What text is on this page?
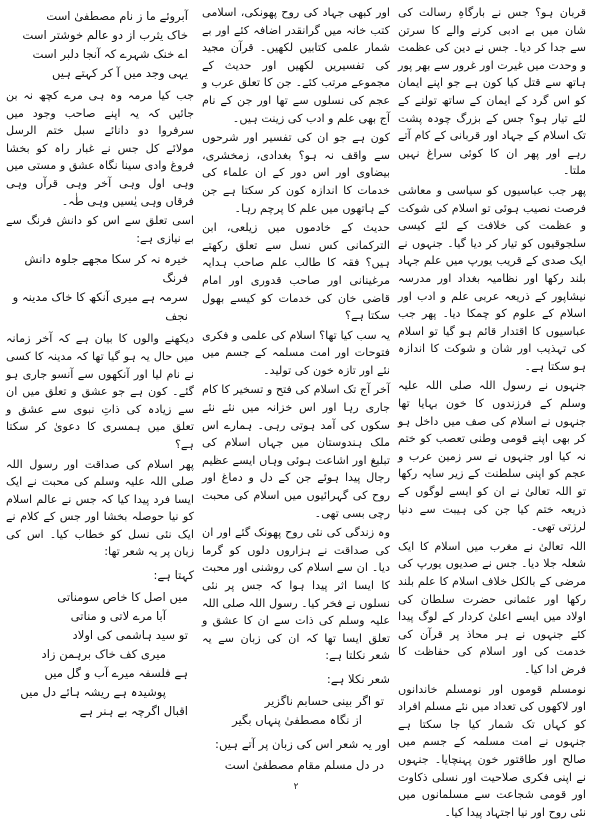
قربان ہو؟ جس نے بارگاہِ رسالت کی شان میں بے ادبی کرنے والے کا سرتن سے جدا کر دیا۔ جس نے دین کی عظمت و وحدت میں غیرت اور غرور سے بھر پور ہاتھ سے قتل کیا کون ہے جو اپنے ایمان کو اس گرد کے ایمان کے ساتھ تولنے کے لئے تیار ہو؟ جس کے بزرگ چودہ پشت تک اسلام کے جہاد اور قربانی کے کام آتے رہے اور پھر ان کا کوئی سراغ نہیں ملتا۔

پھر جب عباسیوں کو سیاسی و معاشی فرصت نصیب ہوئی تو اسلام کی شوکت و عظمت کی خلافت کے لئے کیسی سلجوقیوں کو تیار کر دیا گیا۔ جنہوں نے ایک صدی کے قریب یورپ میں علم جہاد بلند رکھا اور نظامیہ بغداد اور مدرسہ نیشاپور کے ذریعہ عربی علم و ادب اور اسلام کے علوم کو چمکا دیا۔ پھر جب عباسیوں کا اقتدار قائم ہو گیا تو اسلام کی تہذیب اور شان و شوکت کا اندازہ ہو سکتا ہے۔

جنہوں نے رسول اللہ صلی اللہ علیہ وسلم کے فرزندوں کا خون بہایا تھا جنہوں نے اسلام کی صف میں داخل ہو کر بھی اپنے قومی وطنی تعصب کو ختم نہ کیا اور جنہوں نے سر زمین عرب و عجم کو اپنی سلطنت کے زیر سایہ رکھا تو اللہ تعالیٰ نے ان کو ایسے لوگوں کے ذریعہ ختم کیا جن کی ہیبت سے دنیا لرزتی تھی۔

اللہ تعالیٰ نے مغرب میں اسلام کا ایک شعلہ جلا دیا۔ جس نے صدیوں یورپ کی مرضی کے بالکل خلاف اسلام کا علم بلند رکھا اور عثمانی حضرت سلطان کی اولاد میں ایسے اعلیٰ کردار کے لوگ پیدا کئے جنہوں نے ہر محاذ پر قرآن کی خدمت کی اور اسلام کی حفاظت کا فرض ادا کیا۔

نومسلم قوموں اور نومسلم خاندانوں اور لاکھوں کی تعداد میں نئے مسلم افراد کو کہاں تک شمار کیا جا سکتا ہے جنہوں نے امت مسلمہ کے جسم میں صالح اور طاقتور خون پہنچایا۔ جنہوں نے اپنی فکری صلاحیت اور نسلی ذکاوت اور قومی شجاعت سے مسلمانوں میں نئی روح اور نیا اجتہاد پیدا کیا۔

اور کبھی جہاد کی روح پھونکی، اسلامی کتب خانہ میں گرانقدر اضافہ کئے اور بے شمار علمی کتابیں لکھیں۔ قرآن مجید کی تفسیریں لکھیں اور حدیث کے مجموعے مرتب کئے۔ جن کا تعلق عرب و عجم کی نسلوں سے تھا اور جن کے نام آج بھی علم و ادب کی زینت ہیں۔

کون ہے جو ان کی تفسیر اور شرحوں سے واقف نہ ہو؟ بغدادی، زمخشری، بیضاوی اور اس دور کے ان علماء کی خدمات کا اندازہ کون کر سکتا ہے جن کے ہاتھوں میں علم کا پرچم رہا۔

حدیث کے خادموں میں زیلعی، ابن الترکمانی کس نسل سے تعلق رکھتے ہیں؟ فقہ کا طالب علم صاحب ہدایہ مرغینانی اور صاحب قدوری اور امام قاضی خان کی خدمات کو کیسے بھول سکتا ہے؟

یہ سب کیا تھا؟ اسلام کی علمی و فکری فتوحات اور امت مسلمہ کے جسم میں نئے اور تازہ خون کی تولید۔

آخر آج تک اسلام کی فتح و تسخیر کا کام جاری رہا اور اس خزانہ میں نئے نئے سکوں کی آمد ہوتی رہی۔ ہمارے اس ملک ہندوستان میں جہاں اسلام کی تبلیغ اور اشاعت ہوئی وہاں ایسے عظیم رجال پیدا ہوئے جن کے دل و دماغ اور روح کی گہرائیوں میں اسلام کی محبت رچی بسی تھی۔

وہ زندگی کی نئی روح پھونک گئے اور ان کی صداقت نے ہزاروں دلوں کو گرما دیا۔ ان سے اسلام کی روشنی اور محبت کا ایسا اثر پیدا ہوا کہ جس پر نئی نسلوں نے فخر کیا۔ رسول اللہ صلی اللہ علیہ وسلم کی ذات سے ان کا عشق و تعلق ایسا تھا کہ ان کی زبان سے یہ شعر نکلتا ہے:

شعر نکلا ہے:
تو اگر بینی حسابم ناگزیر
از نگاہ مصطفیٰ پنہاں بگیر
اور یہ شعر اس کی زبان پر آتے ہیں:
در دل مسلم مقام مصطفیٰ است
۲
آبروئے ما ز نام مصطفیٰ است
خاک یثرب از دو عالم خوشتر است
اے خنک شہرے کہ آنجا دلبر است
یہی وجد میں آ کر کہتے ہیں

جب کیا مرمہ وہ ہی مرے کچھ نہ بن جائیں کہ یہ اپنے صاحب وجود میں سرفروا دو دانائے سبل ختم الرسل مولائے کل جس نے غبار راہ کو بخشا فروغ وادی سینا نگاہ عشق و مستی میں وہی اول وہی آخر وہی قرآں وہی فرقاں وہی یٰسیں وہی طٰہ۔

اسی تعلق سے اس کو دانش فرنگ سے بے نیازی ہے:

خیرہ نہ کر سکا مجھے جلوہ دانش فرنگ
سرمہ ہے میری آنکھ کا خاک مدینہ و نجف

دیکھنے والوں کا بیان ہے کہ آخر زمانہ میں حال یہ ہو گیا تھا کہ مدینہ کا کسی نے نام لیا اور آنکھوں سے آنسو جاری ہو گئے۔ کون ہے جو عشق و تعلق میں ان سے زیادہ کی ذاتِ نبوی سے عشق و تعلق میں ہمسری کا دعویٰ کر سکتا ہے؟

پھر اسلام کی صداقت اور رسول اللہ صلی اللہ علیہ وسلم کی محبت نے ایک ایسا فرد پیدا کیا کہ جس نے عالم اسلام کو نیا حوصلہ بخشا اور جس کے کلام نے ایک نئی نسل کو خطاب کیا۔ اس کی زبان پر یہ شعر تھا:

کہتا ہے:
میں اصل کا خاص سومناتی
آبا مرے لاتی و مناتی
تو سید ہاشمی کی اولاد
میری کف خاک برہمن زاد
ہے فلسفہ میرے آب و گل میں
پوشیدہ ہے ریشہ ہائے دل میں
اقبال اگرچہ بے ہنر ہے
